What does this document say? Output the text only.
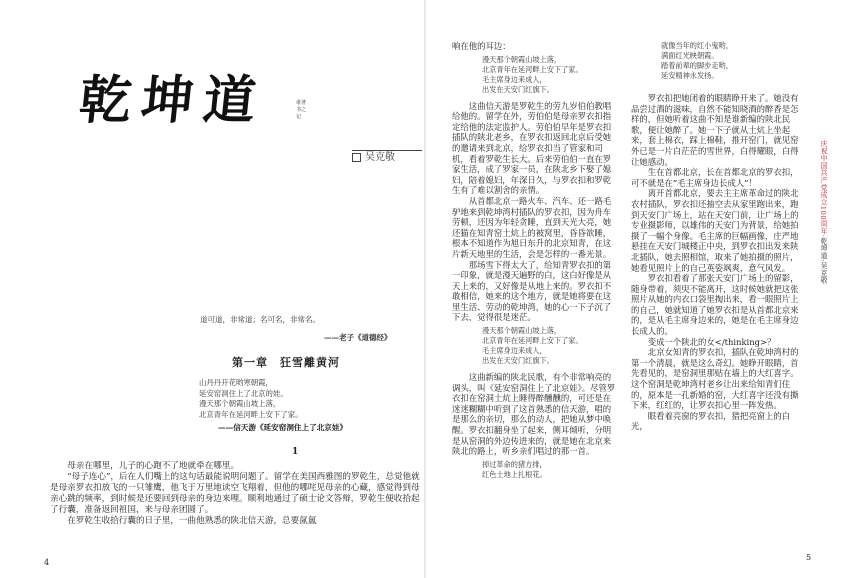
乾坤道	谁著书之记
吴克敬
道可道，非常道；名可名，非常名。
——老子《道德经》
第一章　狂雪離黄河
山丹丹开花哟寒朝霞，
延安窑洞住上了北京的娃。
漫天那个朝霞山坡上落，
北京青年在延河畔上安下了家。
——信天游《延安窑洞住上了北京娃》
1

母亲在哪里，儿子的心跑不了地就牵在哪里。

“母子连心”，后在人们嘴上的这句话最能说明问题了。留学在美国西雅图的罗乾生，总觉他就是母亲罗衣扣放飞的一只雏鹰，他飞于万里地读空飞翔着，但他的哪咤见母亲的心藏，感觉得到母亲心跳的频率，到时候是还要回到母亲的身边来哩。顺利地通过了硕士论文答辩，罗乾生便收拾起了行囊，准备返回祖国，来与母亲团圆了。

在罗乾生收拾行囊的日子里，一曲他熟悉的陕北信天游，总要氤氲

4
响在他的耳边：
漫天那个朝霞山坡上落，
北京青年在延河畔上安下了家。
毛主席身边来成人，
出发在天安门红旗下。

这曲信天游是罗乾生的劳九岁伯伯教唱给他的。留学在外，劳伯伯是母亲罗衣扣指定给他的法定监护人。劳伯伯早年是罗衣扣插队的陕北老乡，在罗衣扣返回北京后受她的邀请来到北京，给罗衣扣当了管家和司机，看着罗乾生长大。后来劳伯伯一直在罗家生活，成了罗家一员，在陕北乡下娶了媳妇，陪着媳妇，年深日久，与罗衣扣和罗乾生有了难以割舍的亲情。

从首都北京一路火车、汽车、还一路毛驴地来到乾坤湾村插队的罗衣扣，因为舟车劳顿，还因为年轻贪睡，直到天光大亮，她还猫在知青窑土炕上的被窝里，昏昏欲睡，根本不知道作为旭日东升的北京知青，在这片新天地里的生活，会是怎样的一番光景。

那场雪下得太大了，给知青罗衣扣的第一印象，就是漫天遍野的白，这白好像是从天上来的，又好像是从地上来的。罗衣扣不敢相信，她来的这个地方，就是她将要在这里生活、劳动的乾坤湾，她的心一下子沉了下去，觉得很是迷茫。

漫天那个朝霞山坡上落，
北京青年在延河畔上安下了家。
毛主席身边来成人，
出发在天安门红旗下。

这曲新编的陕北民歌，有个非常响亮的调头，叫《延安窑洞住上了北京娃》。尽管罗衣扣在窑洞土炕上睡得醉醺醺的，可还是在迷迷糊糊中听到了这首熟悉的信天游，唱的是那么的亲切，那么的动人，把她从梦中唤醒。罗衣扣翻身坐了起来，侧耳倾听，分明是从窑洞的外边传进来的，就是她在北京来陕北的路上，听乡亲们唱过的那一首。

掉过革命的猪方排，
红色土地上扎根花。
就像当年的红小鬼哟，
满面红光映朝霞。
踏着前辈的脚步走哟，
延安精神永发扬。

罗衣扣把她闭着的眼睛睁开来了。她没有品尝过酒的滋味，自然不能知晓酒的醉香是怎样的，但她听着这曲不知是谁新编的陕北民歌，便让她醉了。她一下子就从土炕上坐起来，套上棉衣，踩上棉鞋，推开窑门，就见窑外已是一片白茫茫的雪世界，白得耀眼，白得让她感动。

生在首都北京，长在首都北京的罗衣扣，可不就是在“毛主席身边长成人”！

离开首都北京，要去主主席革命过的陕北农村插队，罗衣扣还抽空去从家里跑出来，跑到天安门广场上，站在天安门前，让广场上的专业摄影师，以雄伟的天安门为背景，给她拍摄了一幅个身像。毛主席的巨幅画像，庄严地悬挂在天安门城楼正中央，到罗衣扣出发来陕北插队，她去照相馆，取来了她拍摄的照片，她看见照片上的自己英姿飒爽，意气风发。

罗衣扣看着了那张天安门广场上的留影，随身带着，须臾不能离开，这时候她就把这张照片从她的内衣口袋里掏出来，看一眼照片上的自己，她就知道了她罗衣扣是从首都北京来的，是从毛主席身边来的，她是在毛主席身边长成人的。

变成一个陕北的女</thinking>？

北京女知青的罗衣扣，插队在乾坤湾村的第一个清晨，就是这么奇幻。她睁开眼睛，首先看见的，是窑洞里那贴在墙上的大红喜字。这个窑洞是乾坤湾村老乡让出来给知青们住的，原本是一孔新婚的窑，大红喜字还没有撕下来，红红的，让罗衣扣心里一阵发热。

眼看着亮窗的罗衣扣，猎把亮窗上的白光，

庆祝中国共产党成立100周年·乾坤道·吴克敬
5
